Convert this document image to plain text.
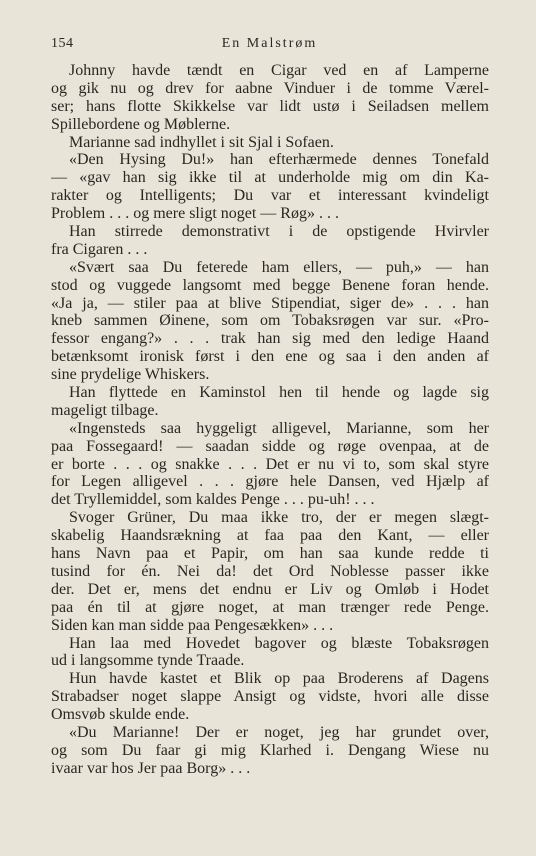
154	En Malstrøm
Johnny havde tændt en Cigar ved en af Lamperne
og gik nu og drev for aabne Vinduer i de tomme Værel-
ser; hans flotte Skikkelse var lidt ustø i Seiladsen mellem
Spillebordene og Møblerne.
Marianne sad indhyllet i sit Sjal i Sofaen.
«Den Hysing Du!» han efterhærmede dennes Tonefald
— «gav han sig ikke til at underholde mig om din Ka-
rakter og Intelligents; Du var et interessant kvindeligt
Problem . . . og mere sligt noget — Røg» . . .
Han stirrede demonstrativt i de opstigende Hvirvler
fra Cigaren . . .
«Svært saa Du feterede ham ellers, — puh,» — han
stod og vuggede langsomt med begge Benene foran hende.
«Ja ja, — stiler paa at blive Stipendiat, siger de» . . . han
kneb sammen Øinene, som om Tobaksrøgen var sur. «Pro-
fessor engang?» . . . trak han sig med den ledige Haand
betænksomt ironisk først i den ene og saa i den anden af
sine prydelige Whiskers.
Han flyttede en Kaminstol hen til hende og lagde sig
mageligt tilbage.
«Ingensteds saa hyggeligt alligevel, Marianne, som her
paa Fossegaard! — saadan sidde og røge ovenpaa, at de
er borte . . . og snakke . . . Det er nu vi to, som skal styre
for Legen alligevel . . . gjøre hele Dansen, ved Hjælp af
det Tryllemiddel, som kaldes Penge . . . pu-uh! . . .
Svoger Grüner, Du maa ikke tro, der er megen slægt-
skabelig Haandsrækning at faa paa den Kant, — eller
hans Navn paa et Papir, om han saa kunde redde ti
tusind for én. Nei da! det Ord Noblesse passer ikke
der. Det er, mens det endnu er Liv og Omløb i Hodet
paa én til at gjøre noget, at man trænger rede Penge.
Siden kan man sidde paa Pengesækken» . . .
Han laa med Hovedet bagover og blæste Tobaksrøgen
ud i langsomme tynde Traade.
Hun havde kastet et Blik op paa Broderens af Dagens
Strabadser noget slappe Ansigt og vidste, hvori alle disse
Omsvøb skulde ende.
«Du Marianne! Der er noget, jeg har grundet over,
og som Du faar gi mig Klarhed i. Dengang Wiese nu
ivaar var hos Jer paa Borg» . . .
